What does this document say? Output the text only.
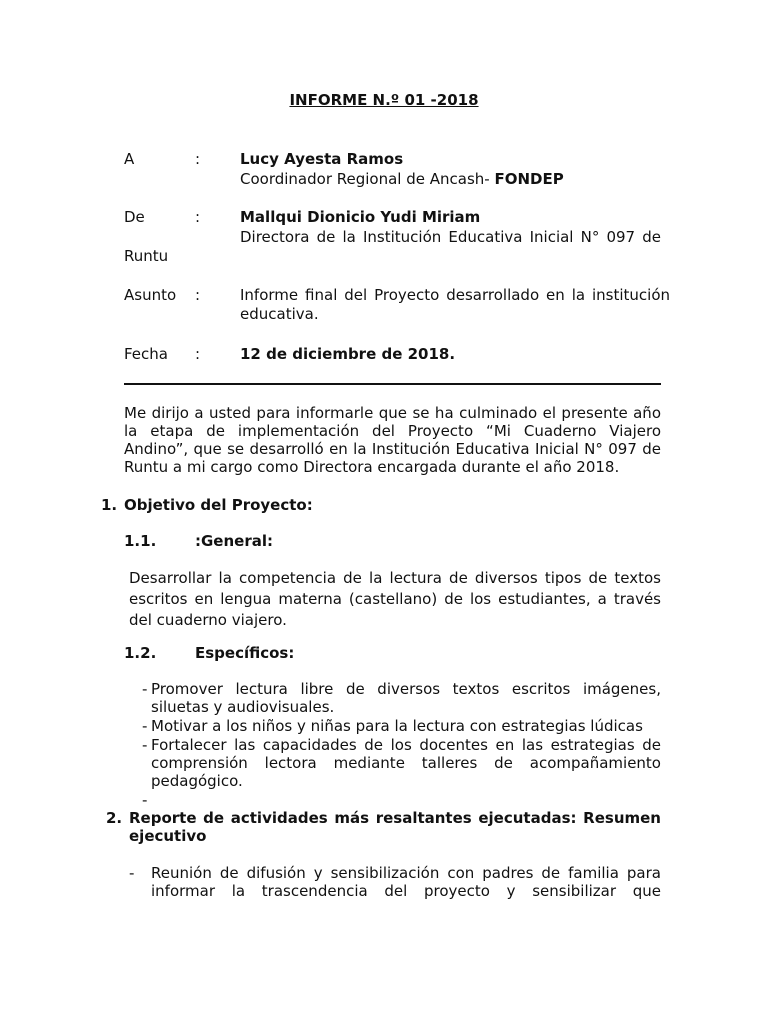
INFORME N.º 01 -2018
A	:	Lucy Ayesta Ramos
Coordinador Regional de Ancash- FONDEP
De	:	Mallqui Dionicio Yudi Miriam
Directora de la Institución Educativa Inicial N° 097 de
Runtu
Asunto :	Informe final del Proyecto desarrollado en la institución
educativa.
Fecha :	12 de diciembre de 2018.
Me dirijo a usted para informarle que se ha culminado el presente año
la etapa de implementación del Proyecto “Mi Cuaderno Viajero
Andino”, que se desarrolló en la Institución Educativa Inicial N° 097 de
Runtu a mi cargo como Directora encargada durante el año 2018.
1. Objetivo del Proyecto:
1.1.	:General:
Desarrollar la competencia de la lectura de diversos tipos de textos
escritos en lengua materna (castellano) de los estudiantes, a través
del cuaderno viajero.
1.2.	Específicos:
- Promover lectura libre de diversos textos escritos imágenes,
siluetas y audiovisuales.
- Motivar a los niños y niñas para la lectura con estrategias lúdicas
- Fortalecer las capacidades de los docentes en las estrategias de
comprensión lectora mediante talleres de acompañamiento
pedagógico.
-
2. Reporte de actividades más resaltantes ejecutadas: Resumen
ejecutivo
- Reunión de difusión y sensibilización con padres de familia para
informar la trascendencia del proyecto y sensibilizar que
